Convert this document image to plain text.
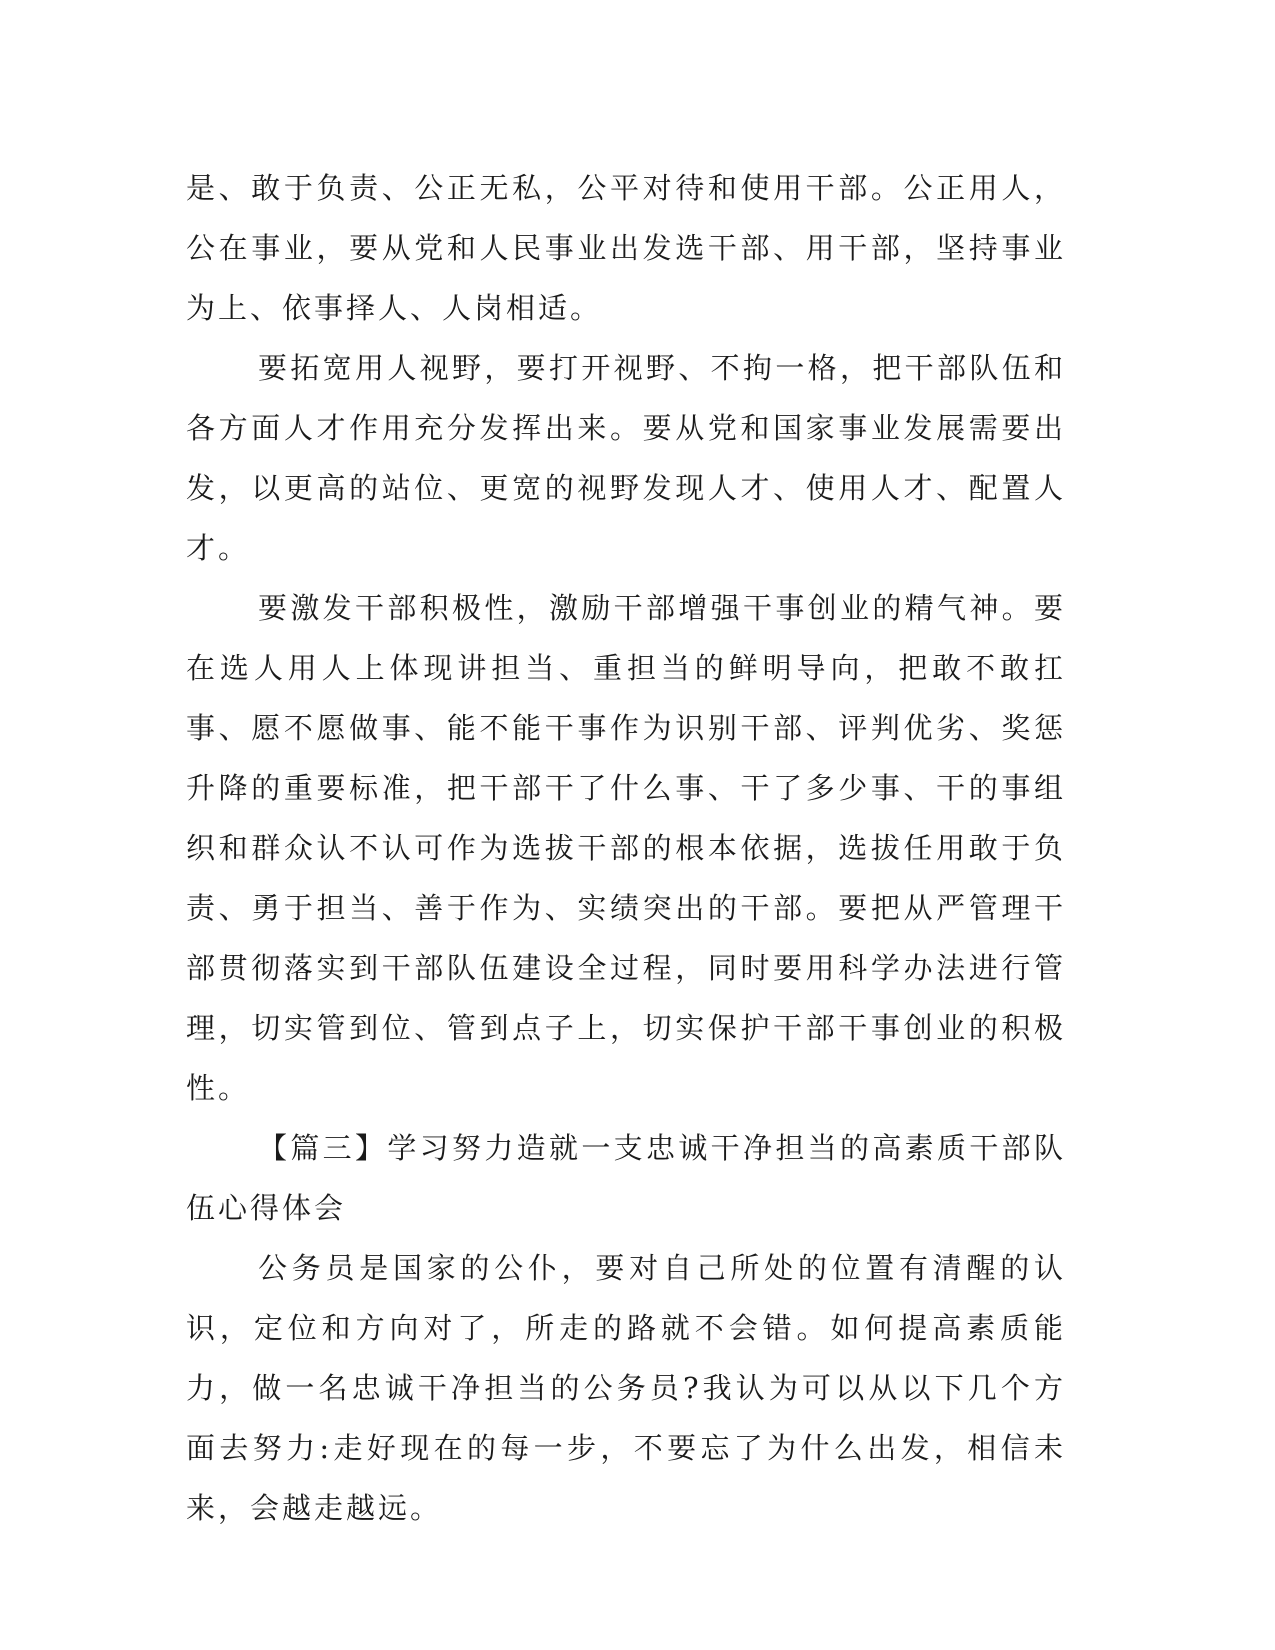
是、敢于负责、公正无私，公平对待和使用干部。公正用人，公在事业，要从党和人民事业出发选干部、用干部，坚持事业为上、依事择人、人岗相适。

要拓宽用人视野，要打开视野、不拘一格，把干部队伍和各方面人才作用充分发挥出来。要从党和国家事业发展需要出发，以更高的站位、更宽的视野发现人才、使用人才、配置人才。

要激发干部积极性，激励干部增强干事创业的精气神。要在选人用人上体现讲担当、重担当的鲜明导向，把敢不敢扛事、愿不愿做事、能不能干事作为识别干部、评判优劣、奖惩升降的重要标准，把干部干了什么事、干了多少事、干的事组织和群众认不认可作为选拔干部的根本依据，选拔任用敢于负责、勇于担当、善于作为、实绩突出的干部。要把从严管理干部贯彻落实到干部队伍建设全过程，同时要用科学办法进行管理，切实管到位、管到点子上，切实保护干部干事创业的积极性。

【篇三】学习努力造就一支忠诚干净担当的高素质干部队伍心得体会

公务员是国家的公仆，要对自己所处的位置有清醒的认识，定位和方向对了，所走的路就不会错。如何提高素质能力，做一名忠诚干净担当的公务员?我认为可以从以下几个方面去努力:走好现在的每一步，不要忘了为什么出发，相信未来，会越走越远。
